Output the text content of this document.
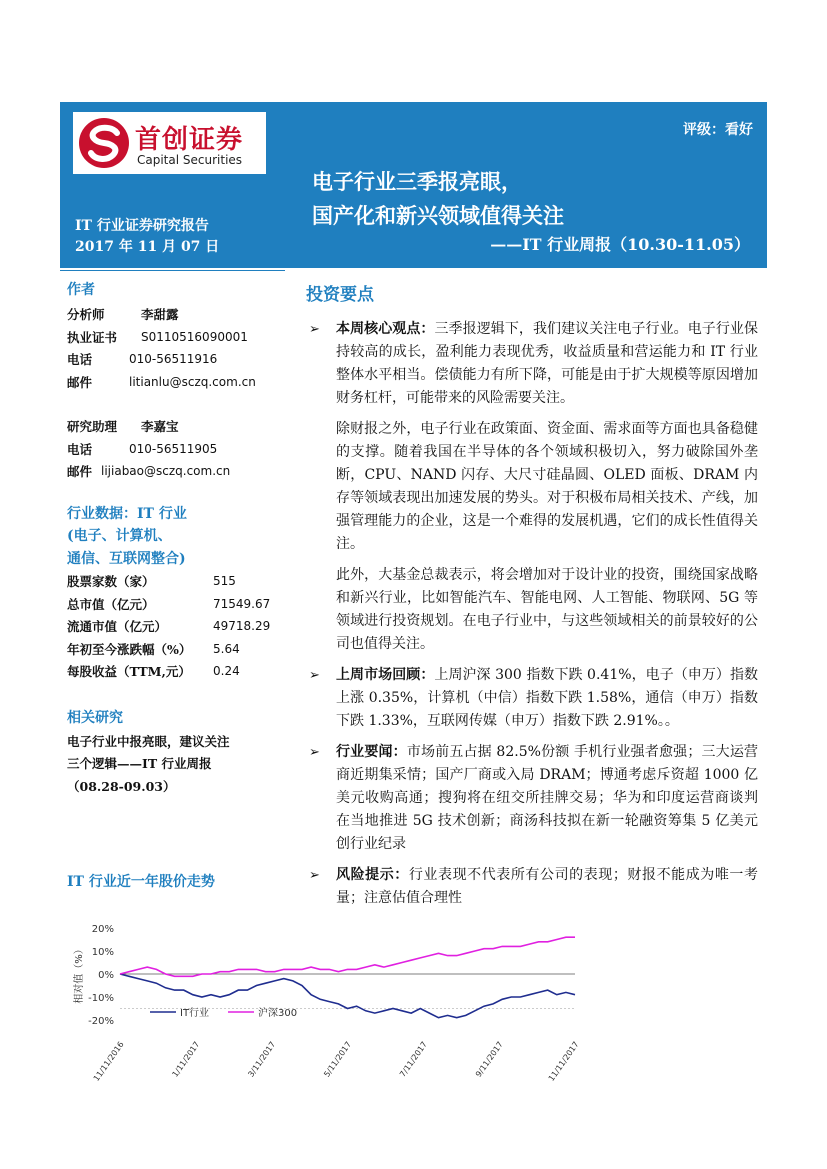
首创证券
Capital Securities
评级：看好
电子行业三季报亮眼，
国产化和新兴领域值得关注
——IT 行业周报（10.30-11.05）
IT 行业证券研究报告
2017 年 11 月 07 日
作者
分析师	李甜露
执业证书	S0110516090001
电话	010-56511916
邮件	litianlu@sczq.com.cn
研究助理	李嘉宝
电话	010-56511905
邮件 lijiabao@sczq.com.cn
行业数据：IT 行业
(电子、计算机、
通信、互联网整合)
股票家数（家）	515
总市值（亿元）	71549.67
流通市值（亿元）	49718.29
年初至今涨跌幅（%）	5.64
每股收益（TTM,元）	0.24
相关研究
电子行业中报亮眼，建议关注
三个逻辑——IT 行业周报
（08.28-09.03）
投资要点
➢ 本周核心观点：三季报逻辑下，我们建议关注电子行业。电子行业保持较高的成长，盈利能力表现优秀，收益质量和营运能力和 IT 行业整体水平相当。偿债能力有所下降，可能是由于扩大规模等原因增加财务杠杆，可能带来的风险需要关注。
除财报之外，电子行业在政策面、资金面、需求面等方面也具备稳健的支撑。随着我国在半导体的各个领域积极切入，努力破除国外垄断，CPU、NAND 闪存、大尺寸硅晶圆、OLED 面板、DRAM 内存等领域表现出加速发展的势头。对于积极布局相关技术、产线，加强管理能力的企业，这是一个难得的发展机遇，它们的成长性值得关注。
此外，大基金总裁表示，将会增加对于设计业的投资，围绕国家战略和新兴行业，比如智能汽车、智能电网、人工智能、物联网、5G 等领域进行投资规划。在电子行业中，与这些领域相关的前景较好的公司也值得关注。
➢ 上周市场回顾：上周沪深 300 指数下跌 0.41%，电子（申万）指数上涨 0.35%，计算机（中信）指数下跌 1.58%，通信（申万）指数下跌 1.33%，互联网传媒（申万）指数下跌 2.91%。。
➢ 行业要闻：市场前五占据 82.5%份额 手机行业强者愈强；三大运营商近期集采情；国产厂商或入局 DRAM；博通考虑斥资超 1000 亿美元收购高通；搜狗将在纽交所挂牌交易；华为和印度运营商谈判 在当地推进 5G 技术创新；商汤科技拟在新一轮融资筹集 5 亿美元 创行业纪录
➢ 风险提示：行业表现不代表所有公司的表现；财报不能成为唯一考量；注意估值合理性
IT 行业近一年股价走势
20%
10%
0%
-10%
-20%
相对值（%）
IT行业	沪深300
11/11/2016	1/11/2017	3/11/2017	5/11/2017	7/11/2017	9/11/2017	11/11/2017
